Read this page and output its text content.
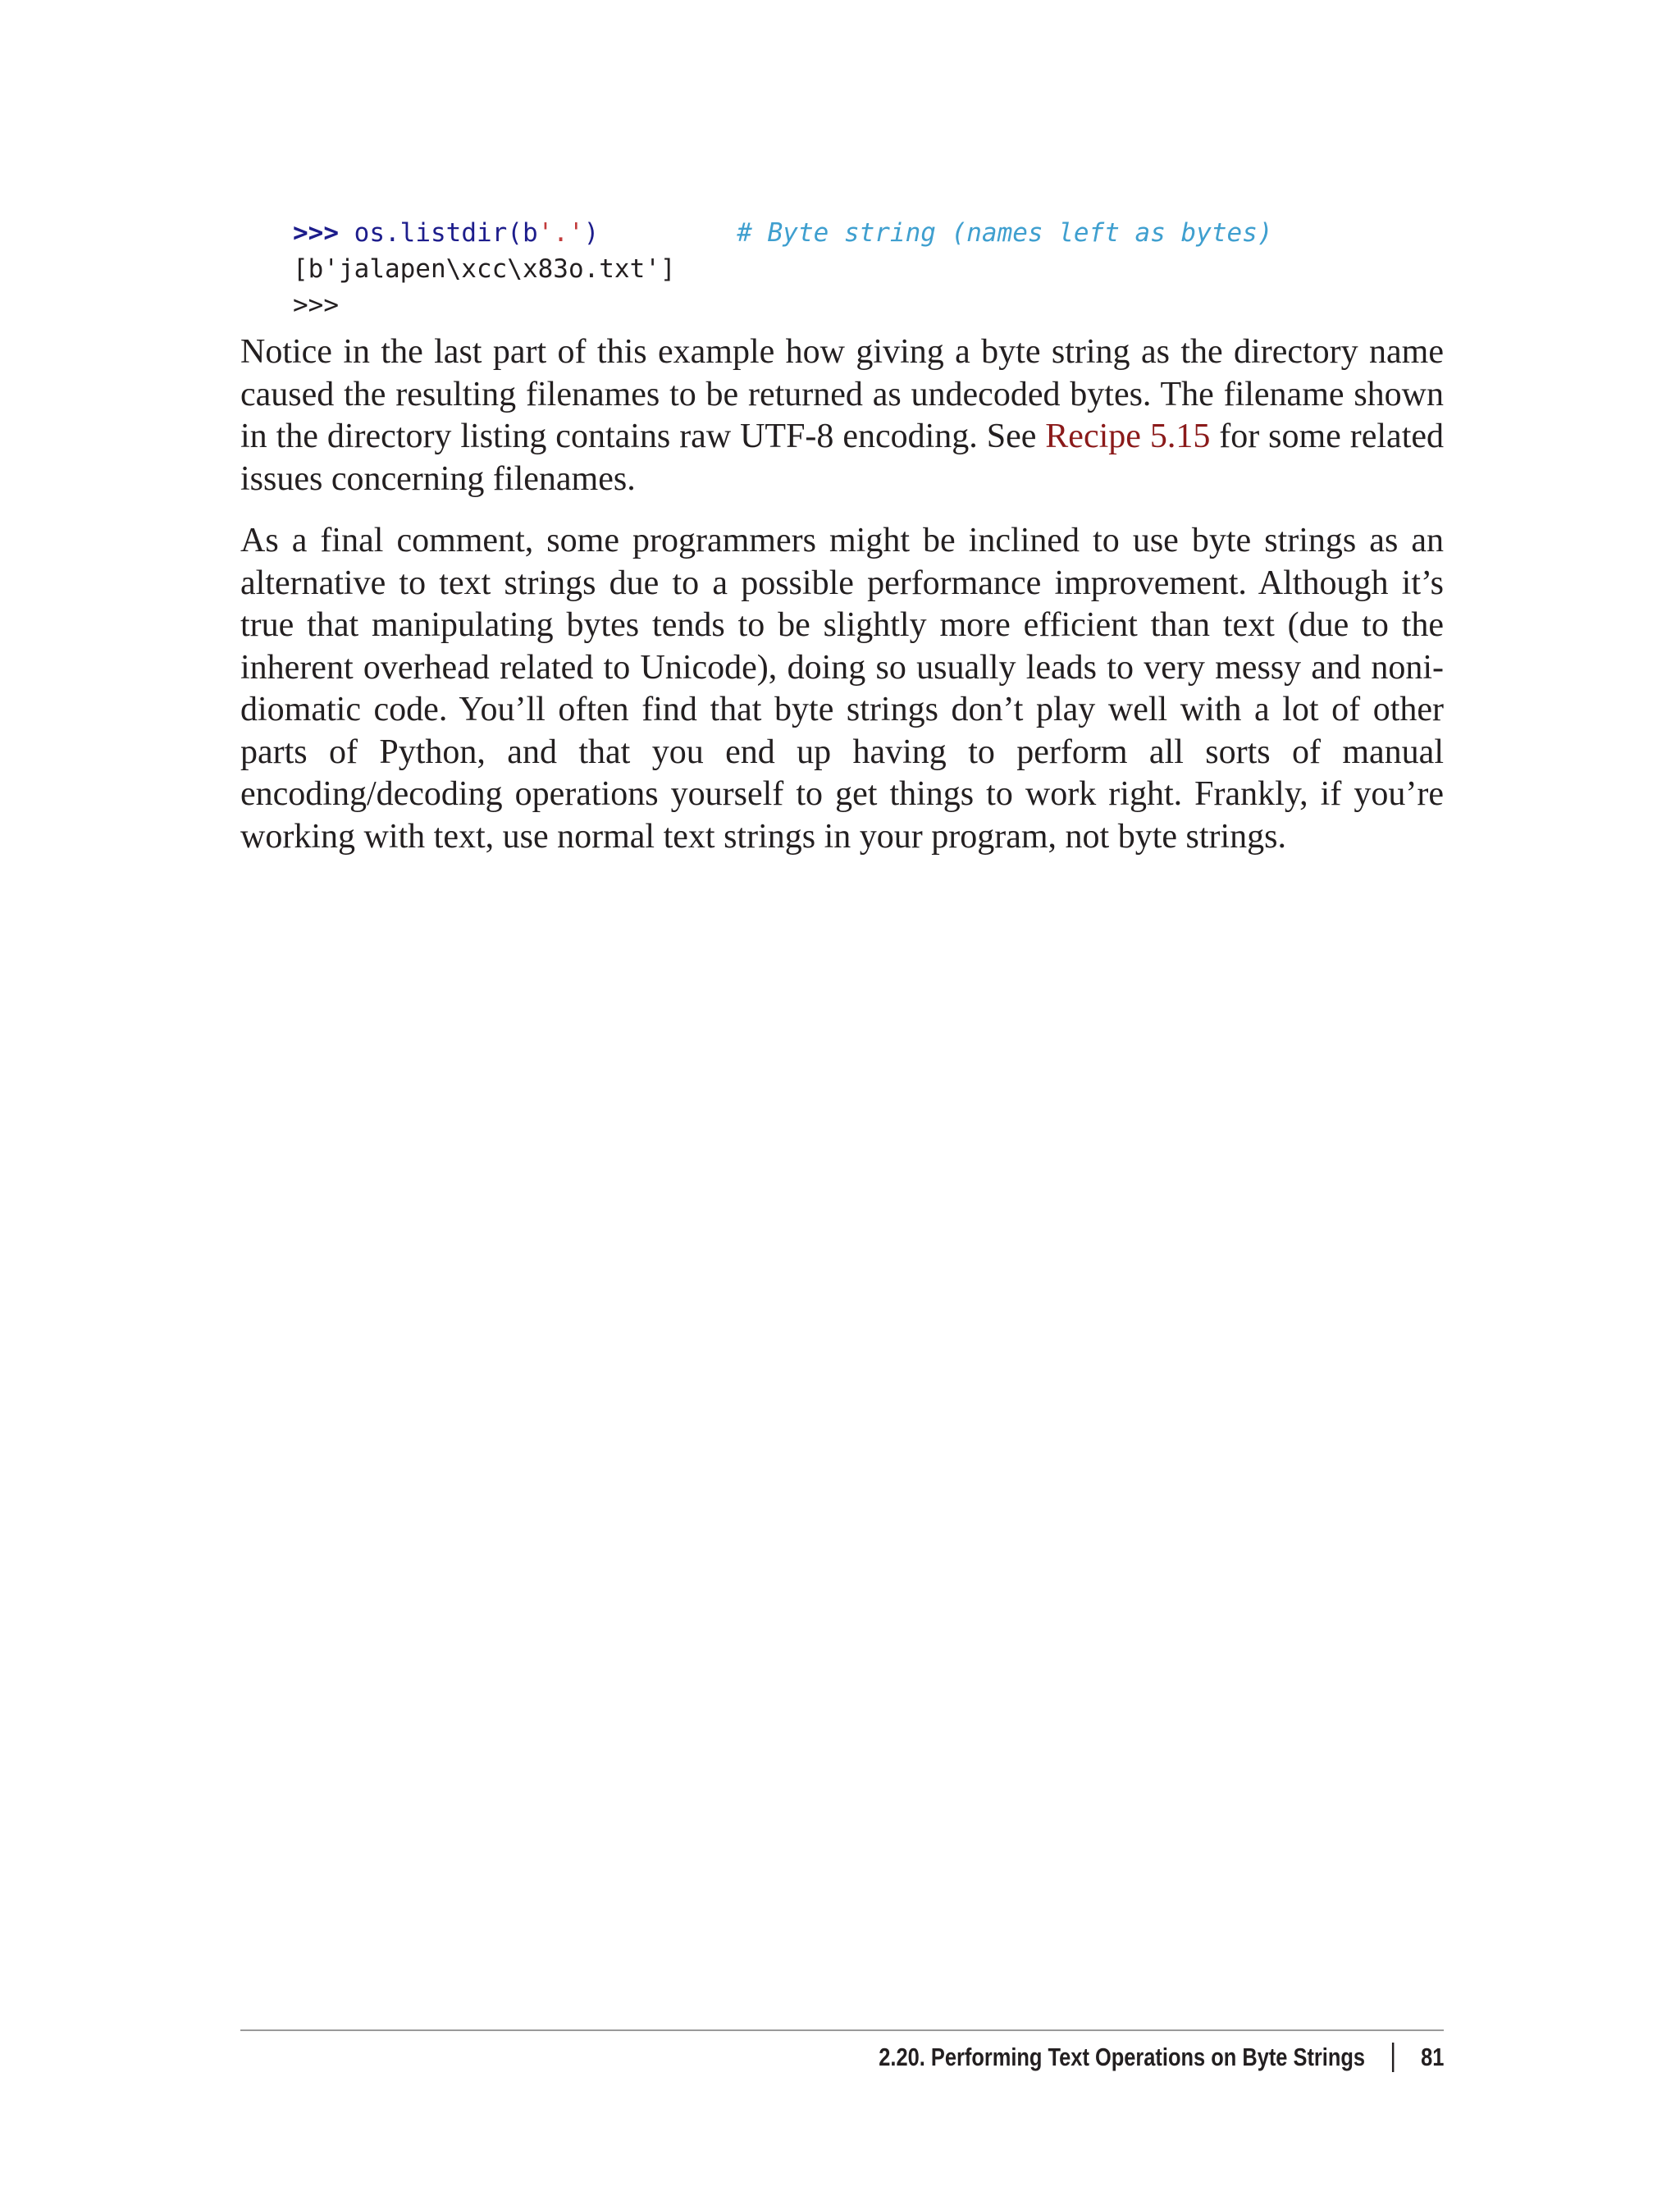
>>> os.listdir(b'.')	# Byte string (names left as bytes)
[b'jalapen\xcc\x83o.txt']
>>>

Notice in the last part of this example how giving a byte string as the directory name caused the resulting filenames to be returned as undecoded bytes. The filename shown in the directory listing contains raw UTF-8 encoding. See Recipe 5.15 for some related issues concerning filenames.

As a final comment, some programmers might be inclined to use byte strings as an alternative to text strings due to a possible performance improvement. Although it’s true that manipulating bytes tends to be slightly more efficient than text (due to the inherent overhead related to Unicode), doing so usually leads to very messy and nonidiomatic code. You’ll often find that byte strings don’t play well with a lot of other parts of Python, and that you end up having to perform all sorts of manual encoding/decoding operations yourself to get things to work right. Frankly, if you’re working with text, use normal text strings in your program, not byte strings.

2.20. Performing Text Operations on Byte Strings 81
